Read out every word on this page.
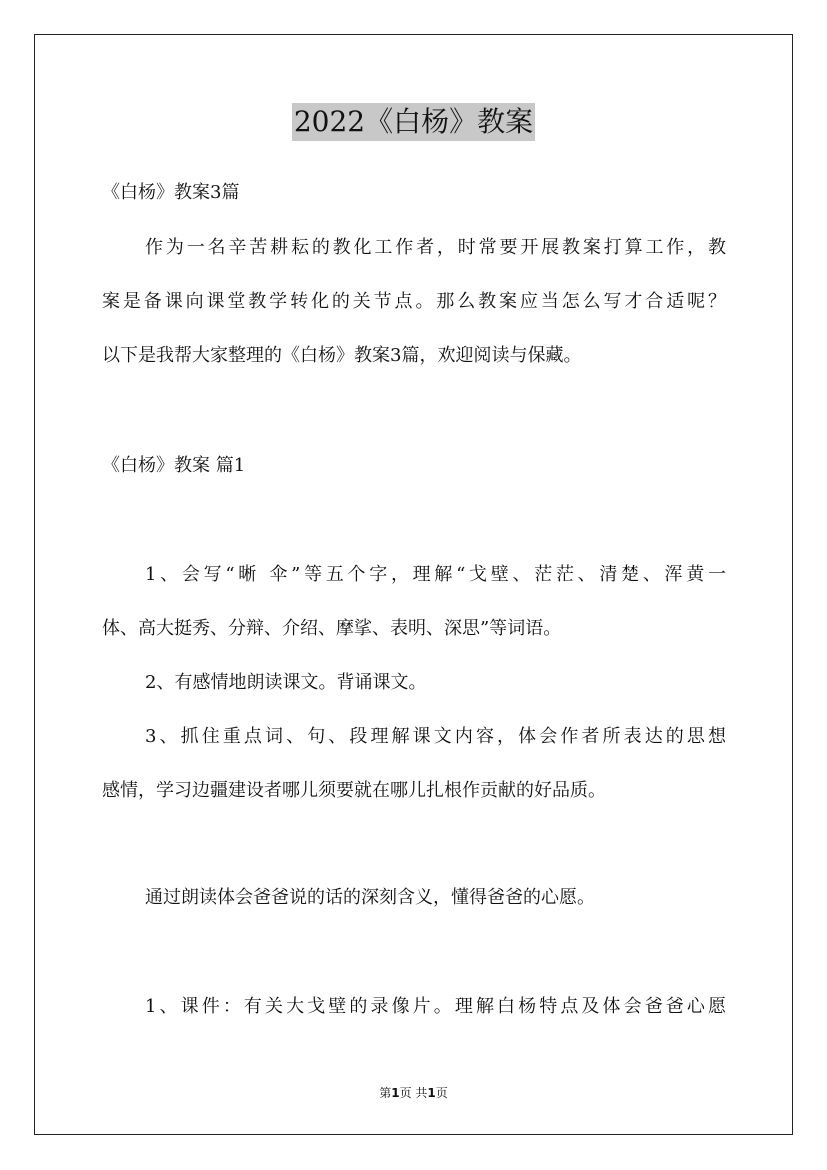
2022《白杨》教案
《白杨》教案3篇
作为一名辛苦耕耘的教化工作者，时常要开展教案打算工作，教
案是备课向课堂教学转化的关节点。那么教案应当怎么写才合适呢？
以下是我帮大家整理的《白杨》教案3篇，欢迎阅读与保藏。
《白杨》教案 篇1
1、会写“晰 伞”等五个字，理解“戈壁、茫茫、清楚、浑黄一
体、高大挺秀、分辩、介绍、摩挲、表明、深思”等词语。
2、有感情地朗读课文。背诵课文。
3、抓住重点词、句、段理解课文内容，体会作者所表达的思想
感情，学习边疆建设者哪儿须要就在哪儿扎根作贡献的好品质。
通过朗读体会爸爸说的话的深刻含义，懂得爸爸的心愿。
1、课件：有关大戈壁的录像片。理解白杨特点及体会爸爸心愿
第1页 共1页
